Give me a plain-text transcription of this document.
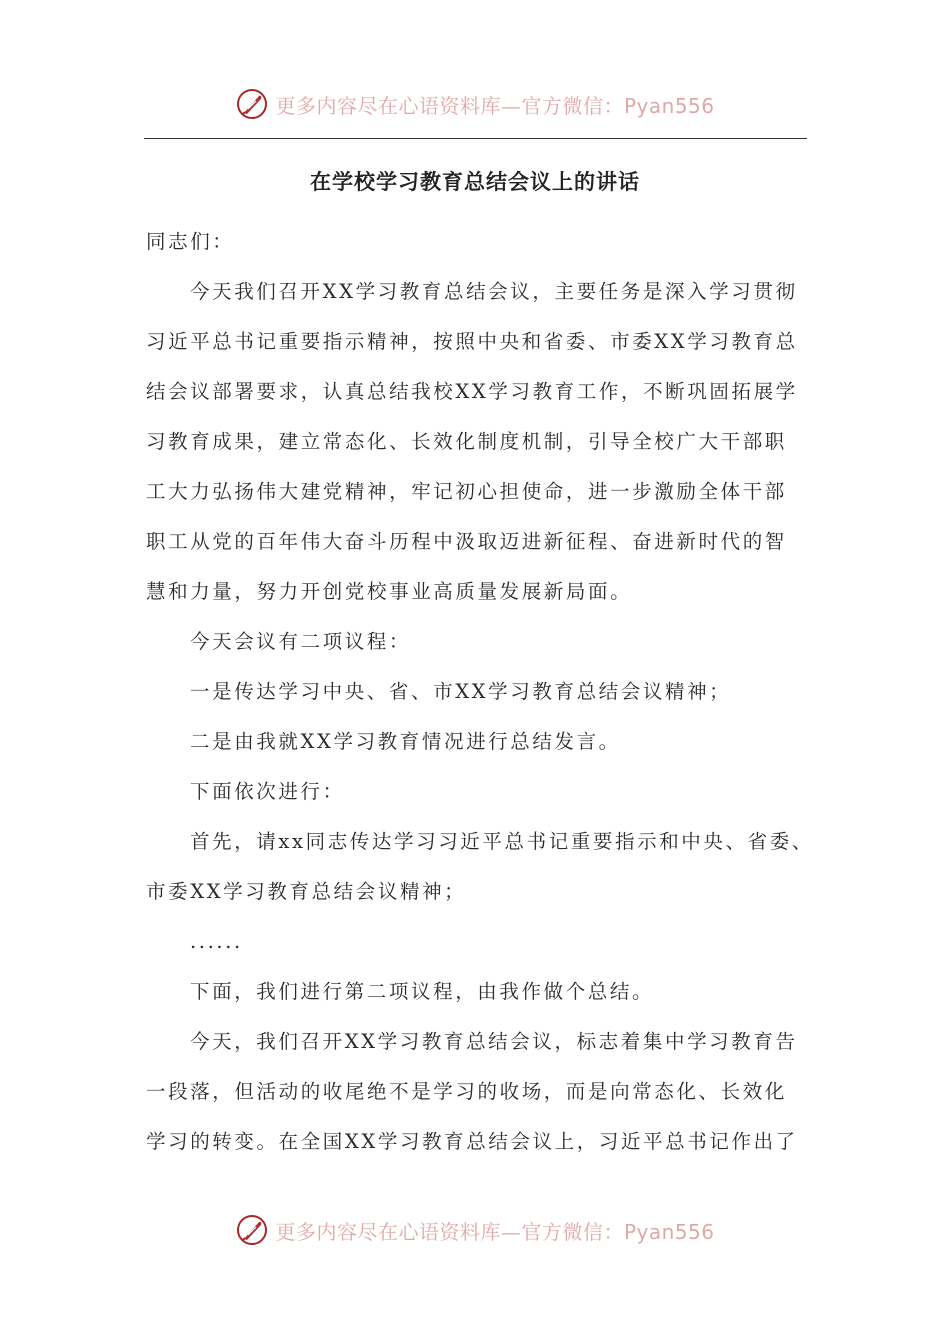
更多内容尽在心语资料库—官方微信：Pyan556
在学校学习教育总结会议上的讲话
同志们：
今天我们召开XX学习教育总结会议，主要任务是深入学习贯彻
习近平总书记重要指示精神，按照中央和省委、市委XX学习教育总
结会议部署要求，认真总结我校XX学习教育工作，不断巩固拓展学
习教育成果，建立常态化、长效化制度机制，引导全校广大干部职
工大力弘扬伟大建党精神，牢记初心担使命，进一步激励全体干部
职工从党的百年伟大奋斗历程中汲取迈进新征程、奋进新时代的智
慧和力量，努力开创党校事业高质量发展新局面。
今天会议有二项议程：
一是传达学习中央、省、市XX学习教育总结会议精神；
二是由我就XX学习教育情况进行总结发言。
下面依次进行：
首先，请xx同志传达学习习近平总书记重要指示和中央、省委、
市委XX学习教育总结会议精神；
......
下面，我们进行第二项议程，由我作做个总结。
今天，我们召开XX学习教育总结会议，标志着集中学习教育告
一段落，但活动的收尾绝不是学习的收场，而是向常态化、长效化
学习的转变。在全国XX学习教育总结会议上，习近平总书记作出了
更多内容尽在心语资料库—官方微信：Pyan556
